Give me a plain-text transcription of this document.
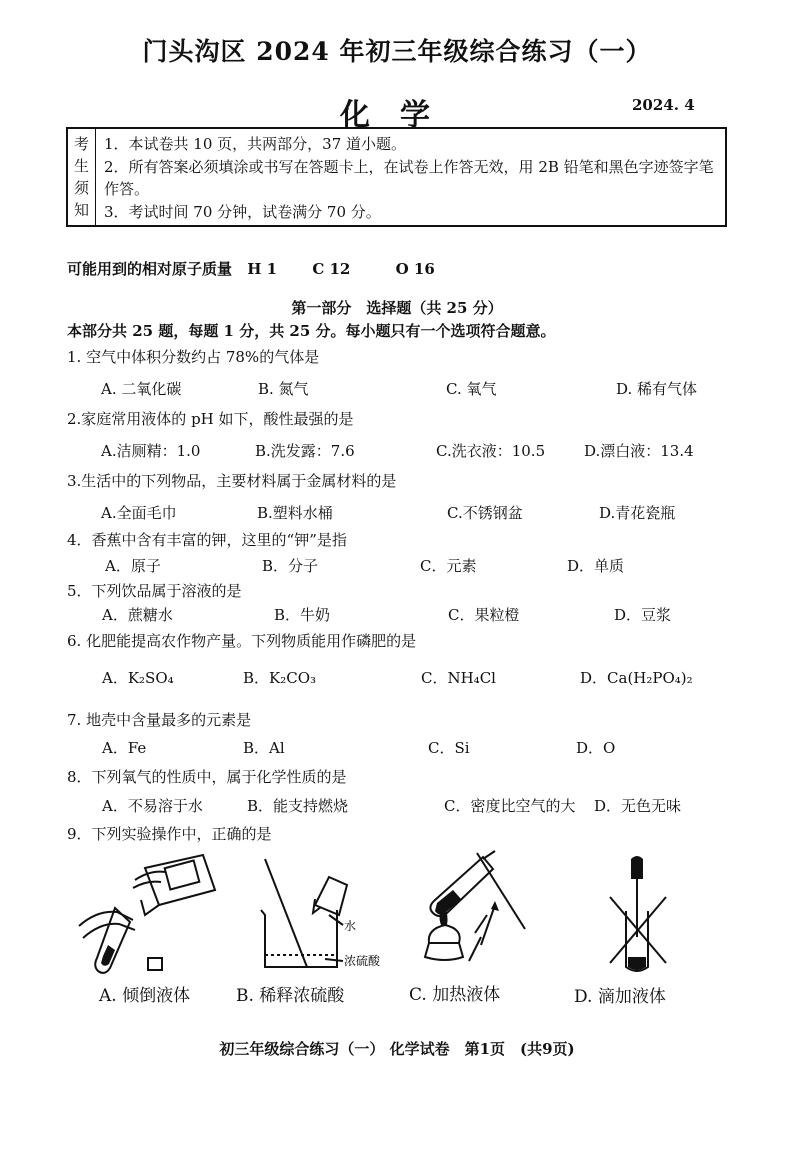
门头沟区 2024 年初三年级综合练习（一）
化学	2024. 4
考生须知
1．本试卷共 10 页，共两部分，37 道小题。
2．所有答案必须填涂或书写在答题卡上，在试卷上作答无效，用 2B 铅笔和黑色字迹签字笔作答。
3．考试时间 70 分钟，试卷满分 70 分。
可能用到的相对原子质量 H 1 C 12	O 16
第一部分　选择题（共 25 分）
本部分共 25 题，每题 1 分，共 25 分。每小题只有一个选项符合题意。
1. 空气中体积分数约占 78%的气体是
A. 二氧化碳	B. 氮气	C. 氧气	D. 稀有气体
2.家庭常用液体的 pH 如下，酸性最强的是
A.洁厕精：1.0	B.洗发露：7.6	C.洗衣液：10.5	D.漂白液：13.4
3.生活中的下列物品，主要材料属于金属材料的是
A.全面毛巾	B.塑料水桶	C.不锈钢盆	D.青花瓷瓶
4．香蕉中含有丰富的钾，这里的“钾”是指
A．原子	B．分子	C．元素	D．单质
5．下列饮品属于溶液的是
A．蔗糖水	B．牛奶	C．果粒橙	D．豆浆
6. 化肥能提高农作物产量。下列物质能用作磷肥的是
A．K₂SO₄	B．K₂CO₃	C．NH₄Cl	D．Ca(H₂PO₄)₂
7. 地壳中含量最多的元素是
A．Fe	B．Al	C．Si	D．O
8．下列氧气的性质中，属于化学性质的是
A．不易溶于水	B．能支持燃烧	C．密度比空气的大 D．无色无味
9．下列实验操作中，正确的是
A. 倾倒液体
水
浓硫酸
B. 稀释浓硫酸	C. 加热液体	D. 滴加液体
初三年级综合练习（一） 化学试卷　第1页　(共9页)
